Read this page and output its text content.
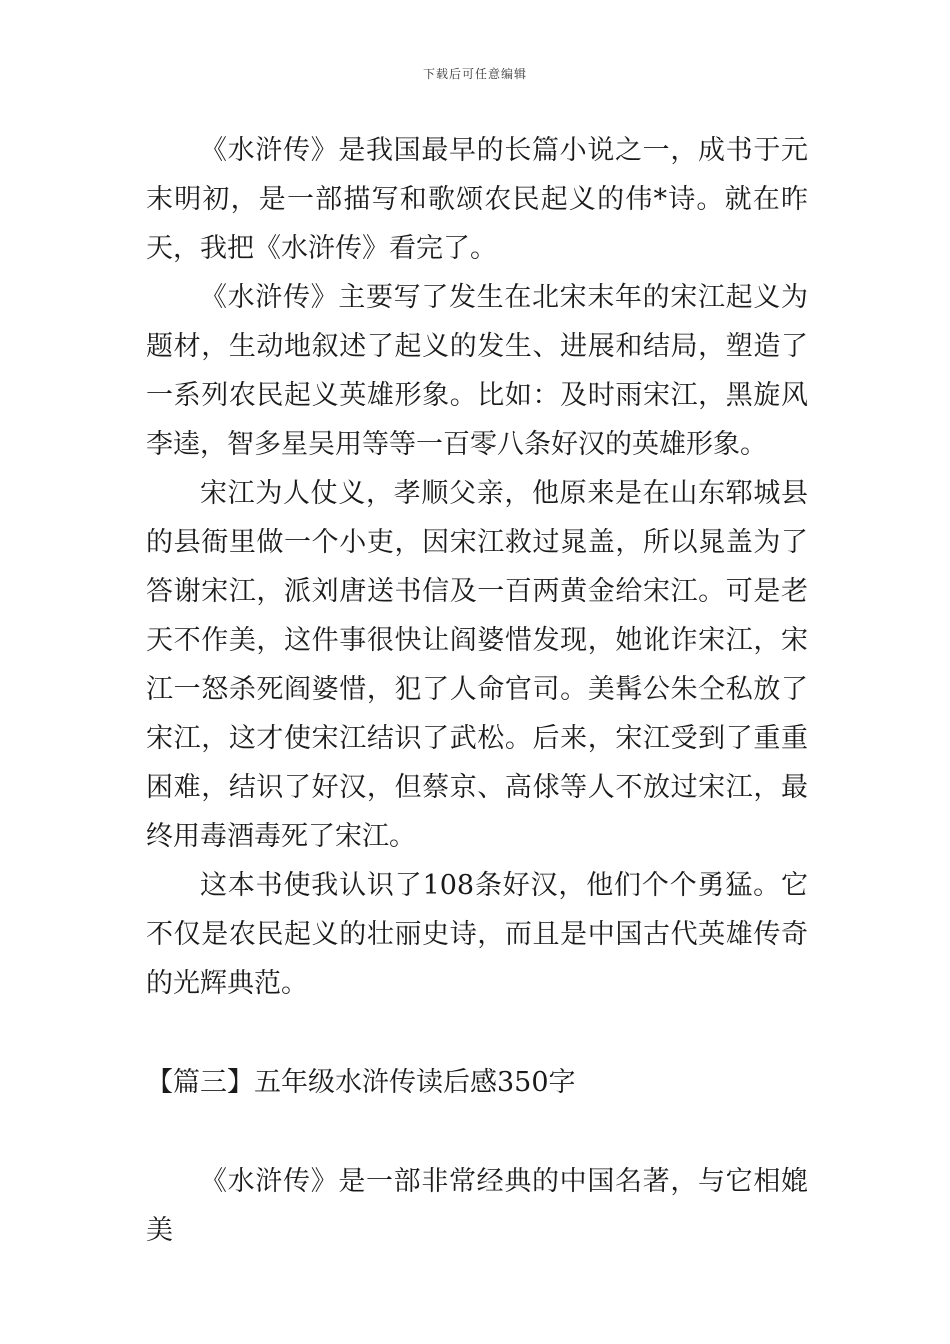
下载后可任意编辑

《水浒传》是我国最早的长篇小说之一，成书于元末明初，是一部描写和歌颂农民起义的伟*诗。就在昨天，我把《水浒传》看完了。

《水浒传》主要写了发生在北宋末年的宋江起义为题材，生动地叙述了起义的发生、进展和结局，塑造了一系列农民起义英雄形象。比如：及时雨宋江，黑旋风李逵，智多星吴用等等一百零八条好汉的英雄形象。

宋江为人仗义，孝顺父亲，他原来是在山东郓城县的县衙里做一个小吏，因宋江救过晁盖，所以晁盖为了答谢宋江，派刘唐送书信及一百两黄金给宋江。可是老天不作美，这件事很快让阎婆惜发现，她讹诈宋江，宋江一怒杀死阎婆惜，犯了人命官司。美髯公朱仝私放了宋江，这才使宋江结识了武松。后来，宋江受到了重重困难，结识了好汉，但蔡京、高俅等人不放过宋江，最终用毒酒毒死了宋江。

这本书使我认识了108条好汉，他们个个勇猛。它不仅是农民起义的壮丽史诗，而且是中国古代英雄传奇的光辉典范。

【篇三】五年级水浒传读后感350字

《水浒传》是一部非常经典的中国名著，与它相媲美
